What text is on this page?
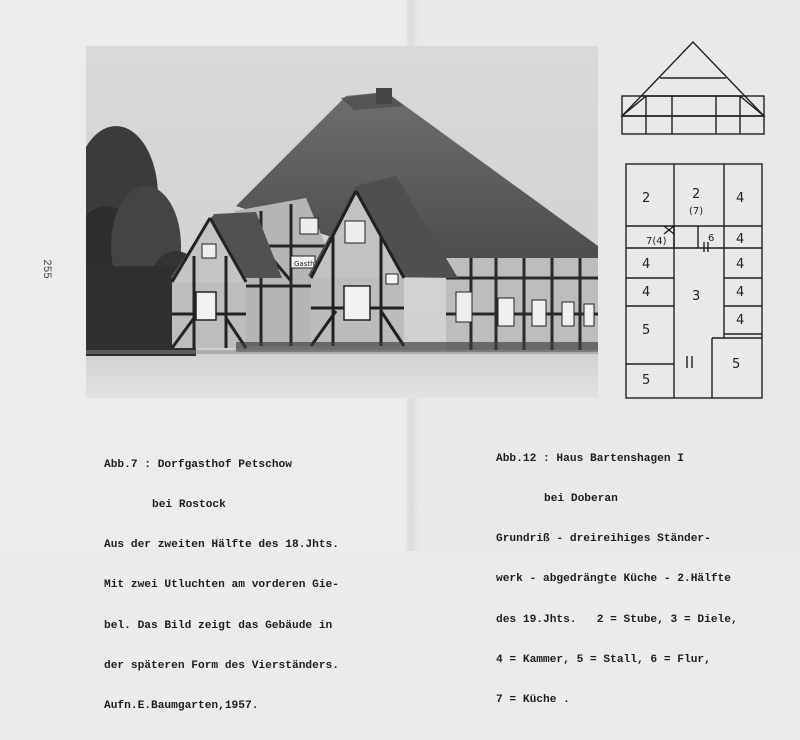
255	Gasth
2	2
(7)
4
7(4)	6 4
4	4
4	3	4
4
5
5
5

Abb.7 : Dorfgasthof Petschow

bei Rostock

Aus der zweiten Hälfte des 18.Jhts.

Mit zwei Utluchten am vorderen Gie-

bel. Das Bild zeigt das Gebäude in

der späteren Form des Vierständers.

Aufn.E.Baumgarten,1957.

Abb.12 : Haus Bartenshagen I

bei Doberan

Grundriß - dreireihiges Ständer-

werk - abgedrängte Küche - 2.Hälfte

des 19.Jhts.   2 = Stube, 3 = Diele,

4 = Kammer, 5 = Stall, 6 = Flur,

7 = Küche .
